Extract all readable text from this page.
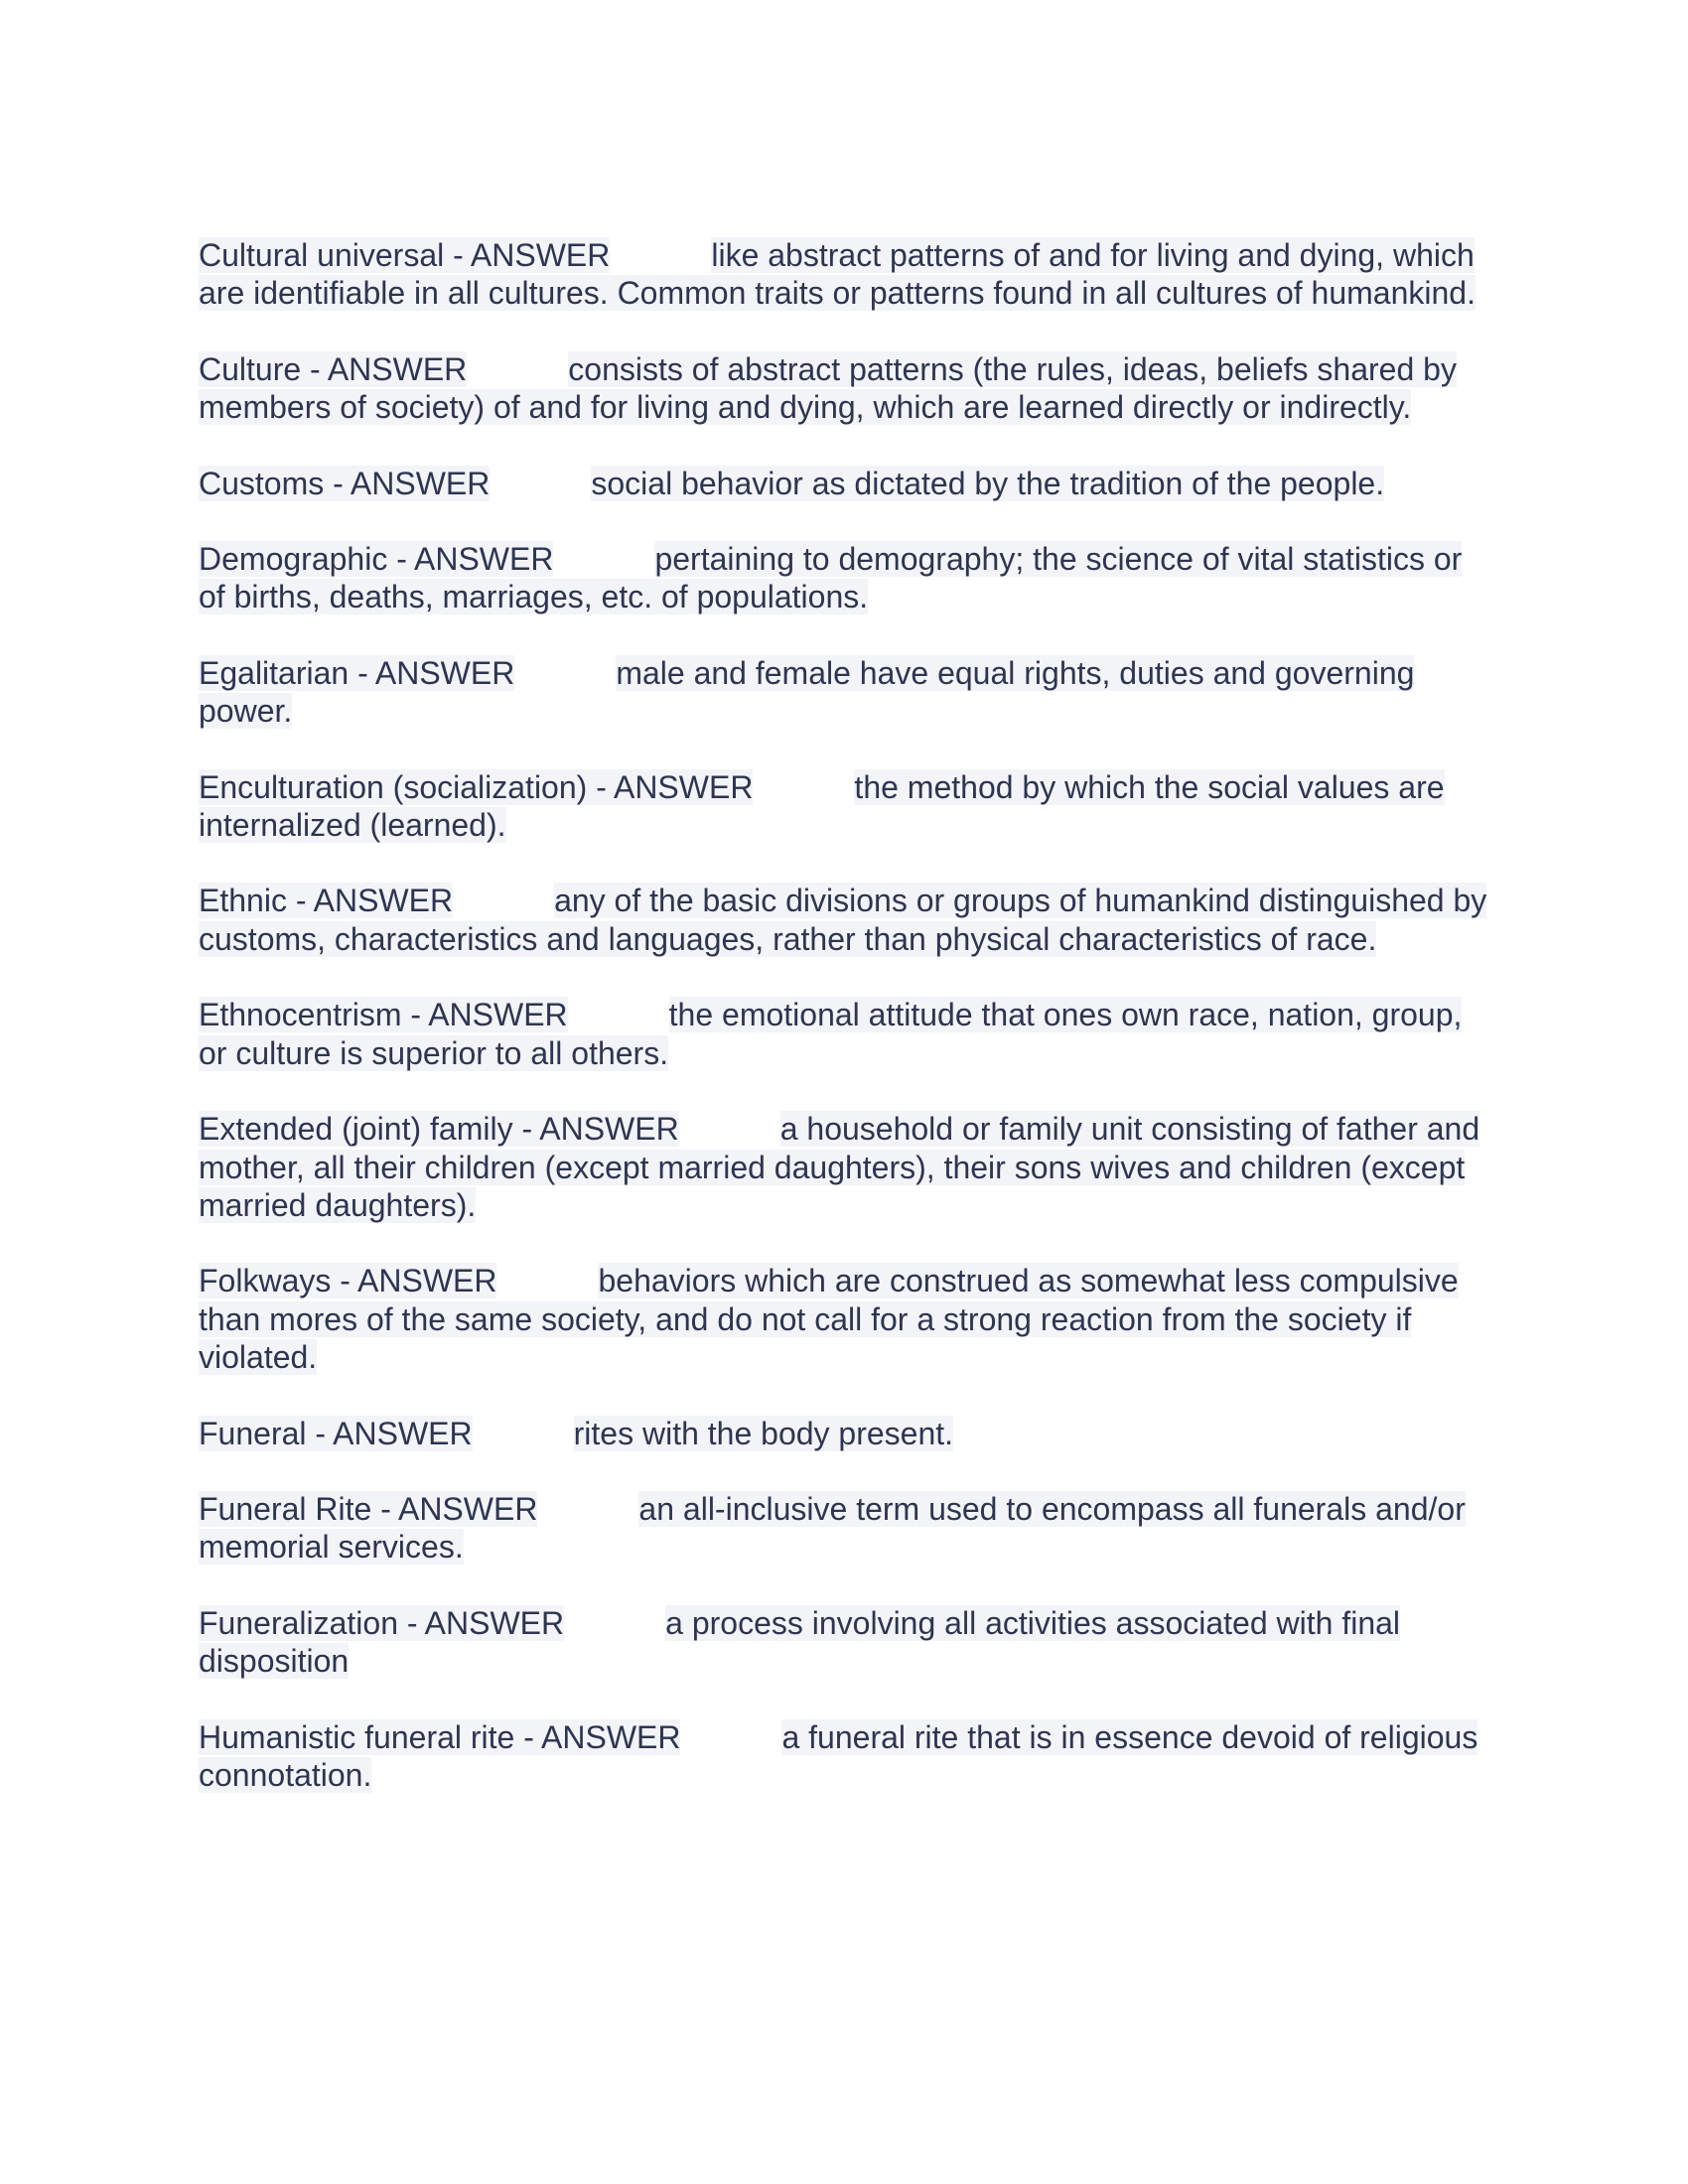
Cultural universal - ANSWER	like abstract patterns of and for living and dying, which are identifiable in all cultures. Common traits or patterns found in all cultures of humankind.

Culture - ANSWER	consists of abstract patterns (the rules, ideas, beliefs shared by members of society) of and for living and dying, which are learned directly or indirectly.

Customs - ANSWER	social behavior as dictated by the tradition of the people.

Demographic - ANSWER	pertaining to demography; the science of vital statistics or of births, deaths, marriages, etc. of populations.

Egalitarian - ANSWER	male and female have equal rights, duties and governing power.

Enculturation (socialization) - ANSWER	the method by which the social values are internalized (learned).

Ethnic - ANSWER	any of the basic divisions or groups of humankind distinguished by customs, characteristics and languages, rather than physical characteristics of race.

Ethnocentrism - ANSWER	the emotional attitude that ones own race, nation, group, or culture is superior to all others.

Extended (joint) family - ANSWER	a household or family unit consisting of father and mother, all their children (except married daughters), their sons wives and children (except married daughters).

Folkways - ANSWER	behaviors which are construed as somewhat less compulsive than mores of the same society, and do not call for a strong reaction from the society if violated.

Funeral - ANSWER	rites with the body present.

Funeral Rite - ANSWER	an all-inclusive term used to encompass all funerals and/or memorial services.

Funeralization - ANSWER	a process involving all activities associated with final disposition

Humanistic funeral rite - ANSWER	a funeral rite that is in essence devoid of religious connotation.
